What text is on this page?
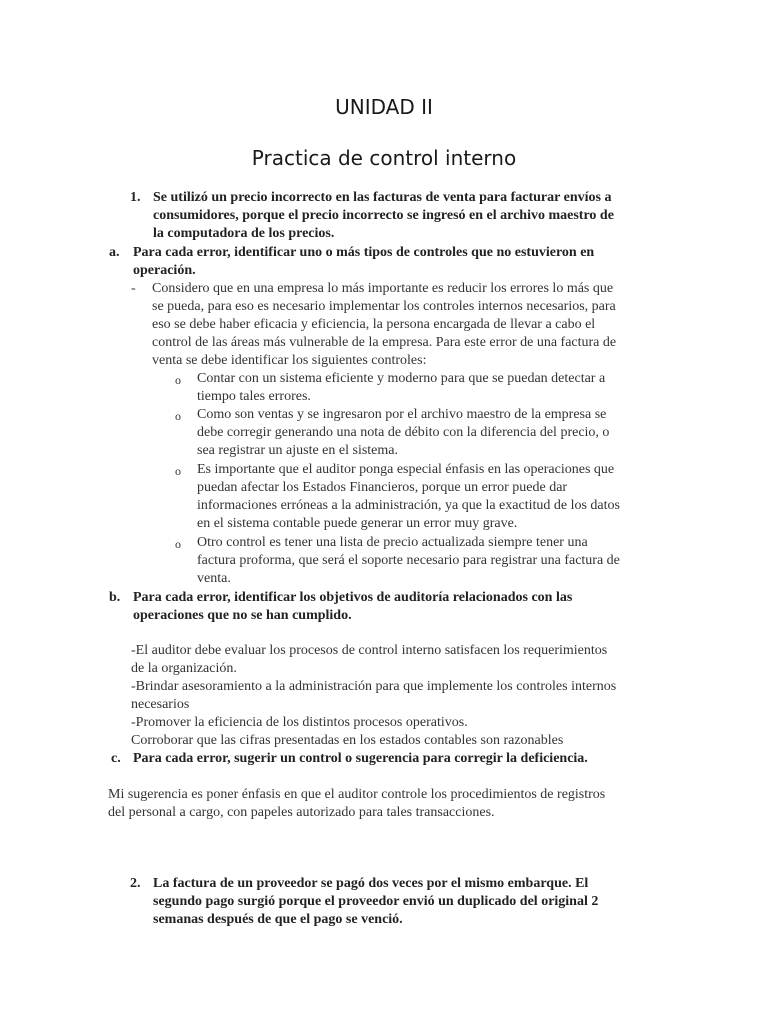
UNIDAD II
Practica de control interno
1. Se utilizó un precio incorrecto en las facturas de venta para facturar envíos a
consumidores, porque el precio incorrecto se ingresó en el archivo maestro de
la computadora de los precios.
a. Para cada error, identificar uno o más tipos de controles que no estuvieron en
operación.
- Considero que en una empresa lo más importante es reducir los errores lo más que
se pueda, para eso es necesario implementar los controles internos necesarios, para
eso se debe haber eficacia y eficiencia, la persona encargada de llevar a cabo el
control de las áreas más vulnerable de la empresa. Para este error de una factura de
venta se debe identificar los siguientes controles:
o Contar con un sistema eficiente y moderno para que se puedan detectar a
tiempo tales errores.
o Como son ventas y se ingresaron por el archivo maestro de la empresa se
debe corregir generando una nota de débito con la diferencia del precio, o
sea registrar un ajuste en el sistema.
o Es importante que el auditor ponga especial énfasis en las operaciones que
puedan afectar los Estados Financieros, porque un error puede dar
informaciones erróneas a la administración, ya que la exactitud de los datos
en el sistema contable puede generar un error muy grave.
o Otro control es tener una lista de precio actualizada siempre tener una
factura proforma, que será el soporte necesario para registrar una factura de
venta.
b. Para cada error, identificar los objetivos de auditoría relacionados con las
operaciones que no se han cumplido.
-El auditor debe evaluar los procesos de control interno satisfacen los requerimientos
de la organización.
-Brindar asesoramiento a la administración para que implemente los controles internos
necesarios
-Promover la eficiencia de los distintos procesos operativos.
Corroborar que las cifras presentadas en los estados contables son razonables
c. Para cada error, sugerir un control o sugerencia para corregir la deficiencia.
Mi sugerencia es poner énfasis en que el auditor controle los procedimientos de registros
del personal a cargo, con papeles autorizado para tales transacciones.
2. La factura de un proveedor se pagó dos veces por el mismo embarque. El
segundo pago surgió porque el proveedor envió un duplicado del original 2
semanas después de que el pago se venció.
